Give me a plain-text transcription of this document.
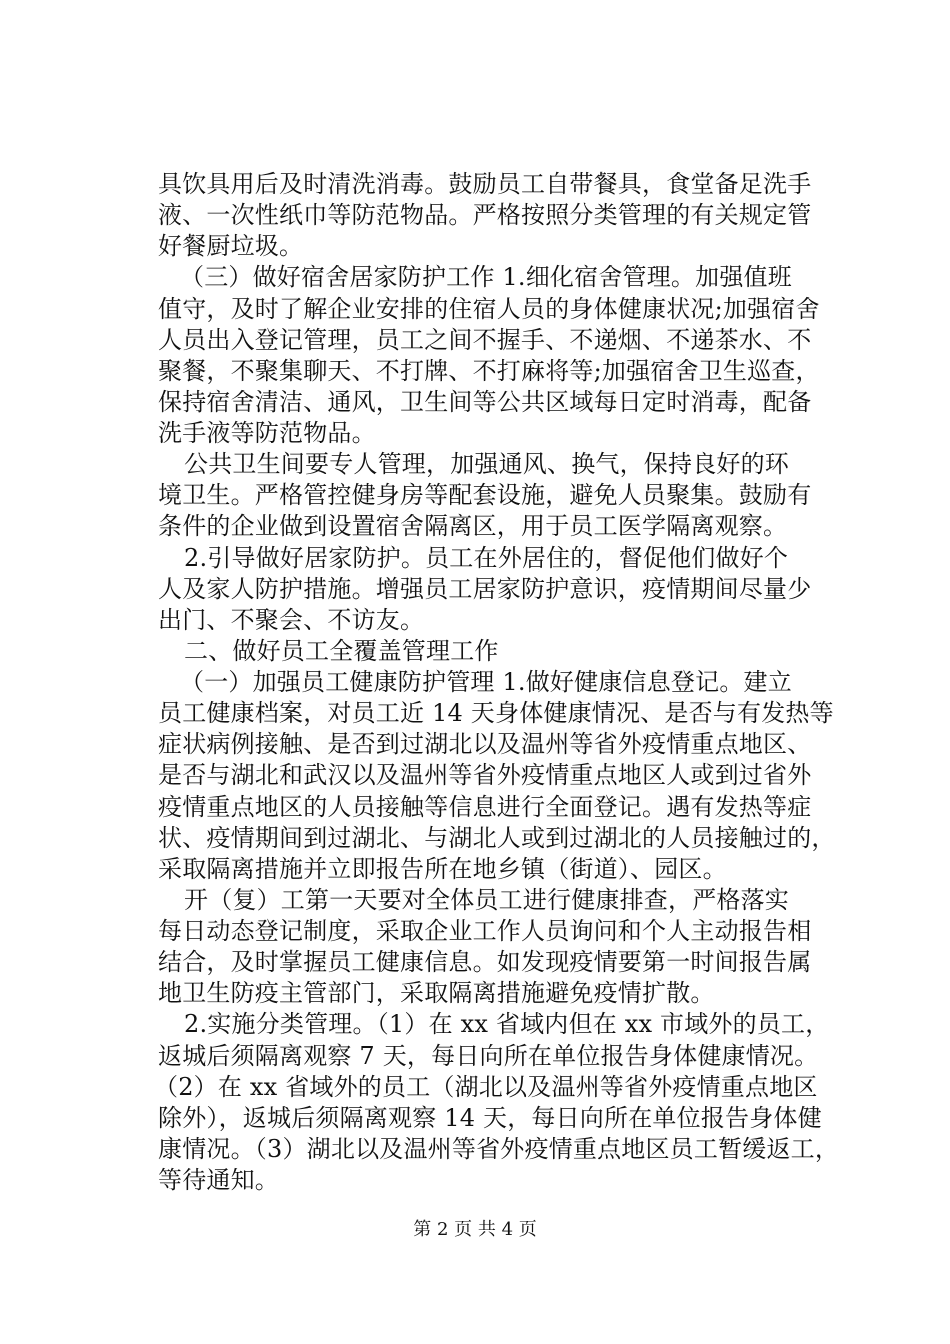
具饮具用后及时清洗消毒。鼓励员工自带餐具，食堂备足洗手
液、一次性纸巾等防范物品。严格按照分类管理的有关规定管
好餐厨垃圾。
（三）做好宿舍居家防护工作 1.细化宿舍管理。加强值班
值守，及时了解企业安排的住宿人员的身体健康状况;加强宿舍
人员出入登记管理，员工之间不握手、不递烟、不递茶水、不
聚餐，不聚集聊天、不打牌、不打麻将等;加强宿舍卫生巡查，
保持宿舍清洁、通风，卫生间等公共区域每日定时消毒，配备
洗手液等防范物品。
公共卫生间要专人管理，加强通风、换气，保持良好的环
境卫生。严格管控健身房等配套设施，避免人员聚集。鼓励有
条件的企业做到设置宿舍隔离区，用于员工医学隔离观察。
2.引导做好居家防护。员工在外居住的，督促他们做好个
人及家人防护措施。增强员工居家防护意识，疫情期间尽量少
出门、不聚会、不访友。
二、做好员工全覆盖管理工作
（一）加强员工健康防护管理 1.做好健康信息登记。建立
员工健康档案，对员工近 14 天身体健康情况、是否与有发热等
症状病例接触、是否到过湖北以及温州等省外疫情重点地区、
是否与湖北和武汉以及温州等省外疫情重点地区人或到过省外
疫情重点地区的人员接触等信息进行全面登记。遇有发热等症
状、疫情期间到过湖北、与湖北人或到过湖北的人员接触过的，
采取隔离措施并立即报告所在地乡镇（街道）、园区。
开（复）工第一天要对全体员工进行健康排查，严格落实
每日动态登记制度，采取企业工作人员询问和个人主动报告相
结合，及时掌握员工健康信息。如发现疫情要第一时间报告属
地卫生防疫主管部门，采取隔离措施避免疫情扩散。
2.实施分类管理。（1）在 xx 省域内但在 xx 市域外的员工，
返城后须隔离观察 7 天，每日向所在单位报告身体健康情况。
（2）在 xx 省域外的员工（湖北以及温州等省外疫情重点地区
除外），返城后须隔离观察 14 天，每日向所在单位报告身体健
康情况。（3）湖北以及温州等省外疫情重点地区员工暂缓返工，
等待通知。
第 2 页 共 4 页
